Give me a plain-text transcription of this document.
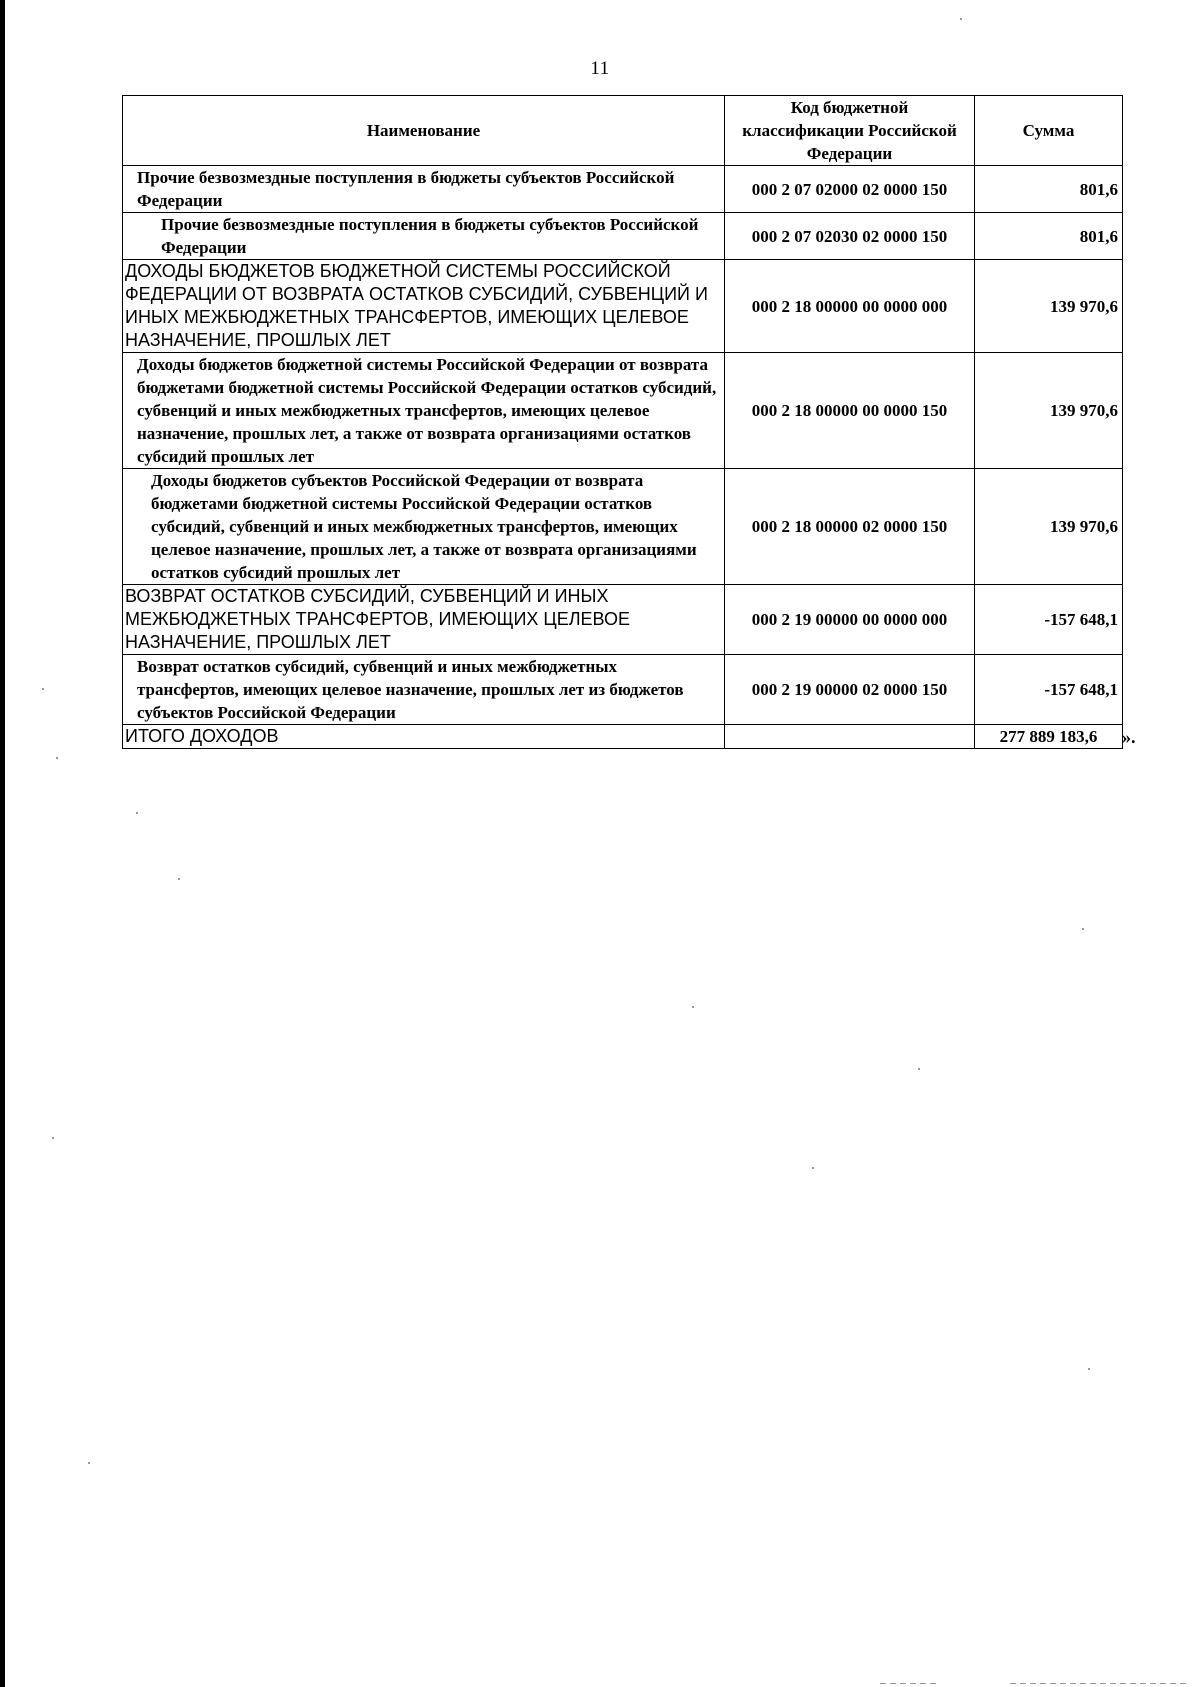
11
Наименование	Код бюджетной классификации Российской Федерации	Сумма
Прочие безвозмездные поступления в бюджеты субъектов Российской Федерации	000 2 07 02000 02 0000 150	801,6
Прочие безвозмездные поступления в бюджеты субъектов Российской Федерации	000 2 07 02030 02 0000 150	801,6
ДОХОДЫ БЮДЖЕТОВ БЮДЖЕТНОЙ СИСТЕМЫ РОССИЙСКОЙ ФЕДЕРАЦИИ ОТ ВОЗВРАТА ОСТАТКОВ СУБСИДИЙ, СУБВЕНЦИЙ И ИНЫХ МЕЖБЮДЖЕТНЫХ ТРАНСФЕРТОВ, ИМЕЮЩИХ ЦЕЛЕВОЕ НАЗНАЧЕНИЕ, ПРОШЛЫХ ЛЕТ	000 2 18 00000 00 0000 000	139 970,6
Доходы бюджетов бюджетной системы Российской Федерации от возврата бюджетами бюджетной системы Российской Федерации остатков субсидий, субвенций и иных межбюджетных трансфертов, имеющих целевое назначение, прошлых лет, а также от возврата организациями остатков субсидий прошлых лет	000 2 18 00000 00 0000 150	139 970,6
Доходы бюджетов субъектов Российской Федерации от возврата бюджетами бюджетной системы Российской Федерации остатков субсидий, субвенций и иных межбюджетных трансфертов, имеющих целевое назначение, прошлых лет, а также от возврата организациями остатков субсидий прошлых лет	000 2 18 00000 02 0000 150	139 970,6
ВОЗВРАТ ОСТАТКОВ СУБСИДИЙ, СУБВЕНЦИЙ И ИНЫХ МЕЖБЮДЖЕТНЫХ ТРАНСФЕРТОВ, ИМЕЮЩИХ ЦЕЛЕВОЕ НАЗНАЧЕНИЕ, ПРОШЛЫХ ЛЕТ	000 2 19 00000 00 0000 000	-157 648,1
Возврат остатков субсидий, субвенций и иных межбюджетных трансфертов, имеющих целевое назначение, прошлых лет из бюджетов субъектов Российской Федерации	000 2 19 00000 02 0000 150	-157 648,1
ИТОГО ДОХОДОВ		277 889 183,6 ».
